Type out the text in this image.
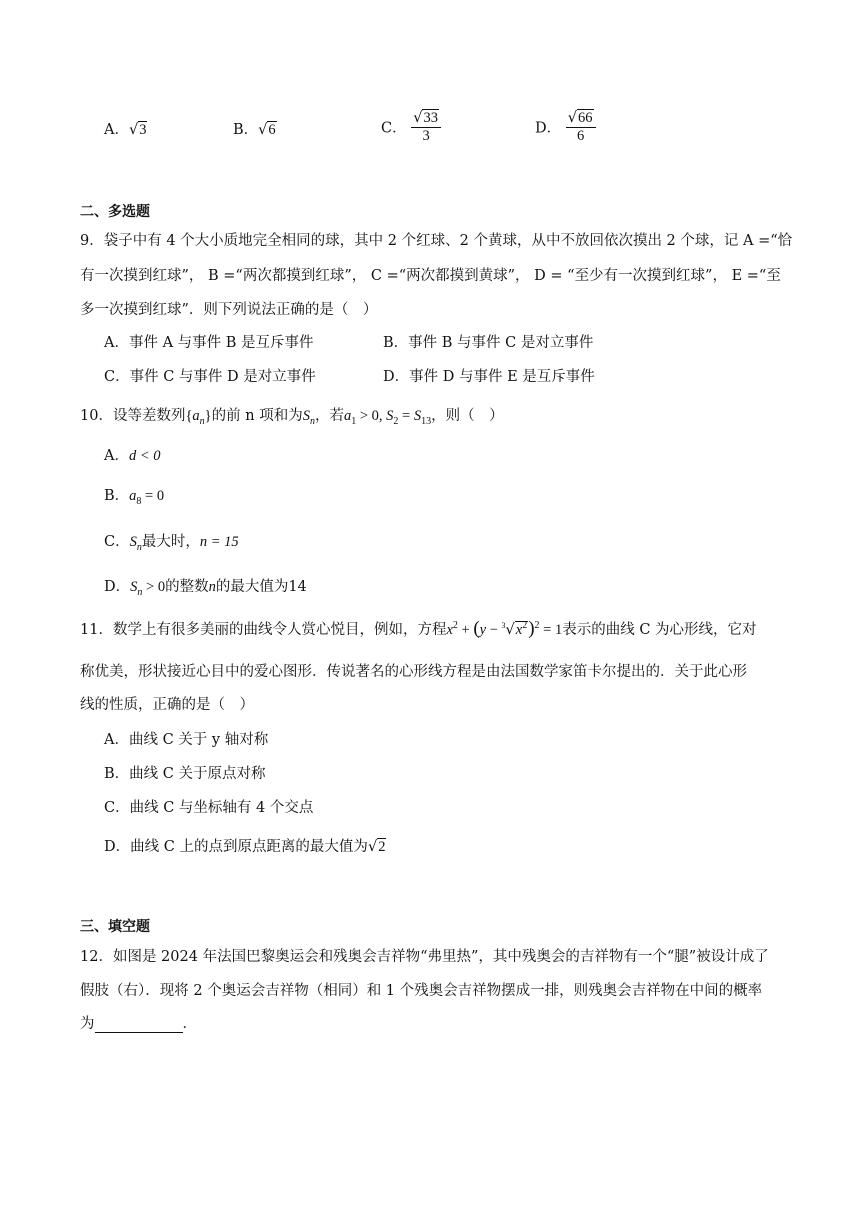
A．√3	B．√6	C． $\frac{√33}{3}$	D． $\frac{√66}{6}$
二、多选题
9．袋子中有 4 个大小质地完全相同的球，其中 2 个红球、2 个黄球，从中不放回依次摸出 2 个球，记 A =“恰
有一次摸到红球”， B =“两次都摸到红球”， C =“两次都摸到黄球”， D = “至少有一次摸到红球”， E =“至
多一次摸到红球”．则下列说法正确的是（　）
A．事件 A 与事件 B 是互斥事件	B．事件 B 与事件 C 是对立事件
C．事件 C 与事件 D 是对立事件	D．事件 D 与事件 E 是互斥事件
10．设等差数列$\{a_n\}$的前 n 项和为$S_n$，若$a_1 > 0$, $S_2 = S_{13}$，则（　）
A．d < 0
B．$a_8 = 0$
C．$S_n$最大时，n = 15
D．$S_n > 0$的整数n的最大值为14
11．数学上有很多美丽的曲线令人赏心悦目，例如，方程$x^2 + (y - ^3√x^2)^2 = 1$表示的曲线 C 为心形线，它对
称优美，形状接近心目中的爱心图形．传说著名的心形线方程是由法国数学家笛卡尔提出的．关于此心形
线的性质，正确的是（　）
A．曲线 C 关于 y 轴对称
B．曲线 C 关于原点对称
C．曲线 C 与坐标轴有 4 个交点
D．曲线 C 上的点到原点距离的最大值为√2
三、填空题
12．如图是 2024 年法国巴黎奥运会和残奥会吉祥物“弗里热”，其中残奥会的吉祥物有一个“腿”被设计成了
假肢（右）．现将 2 个奥运会吉祥物（相同）和 1 个残奥会吉祥物摆成一排，则残奥会吉祥物在中间的概率
为	．
